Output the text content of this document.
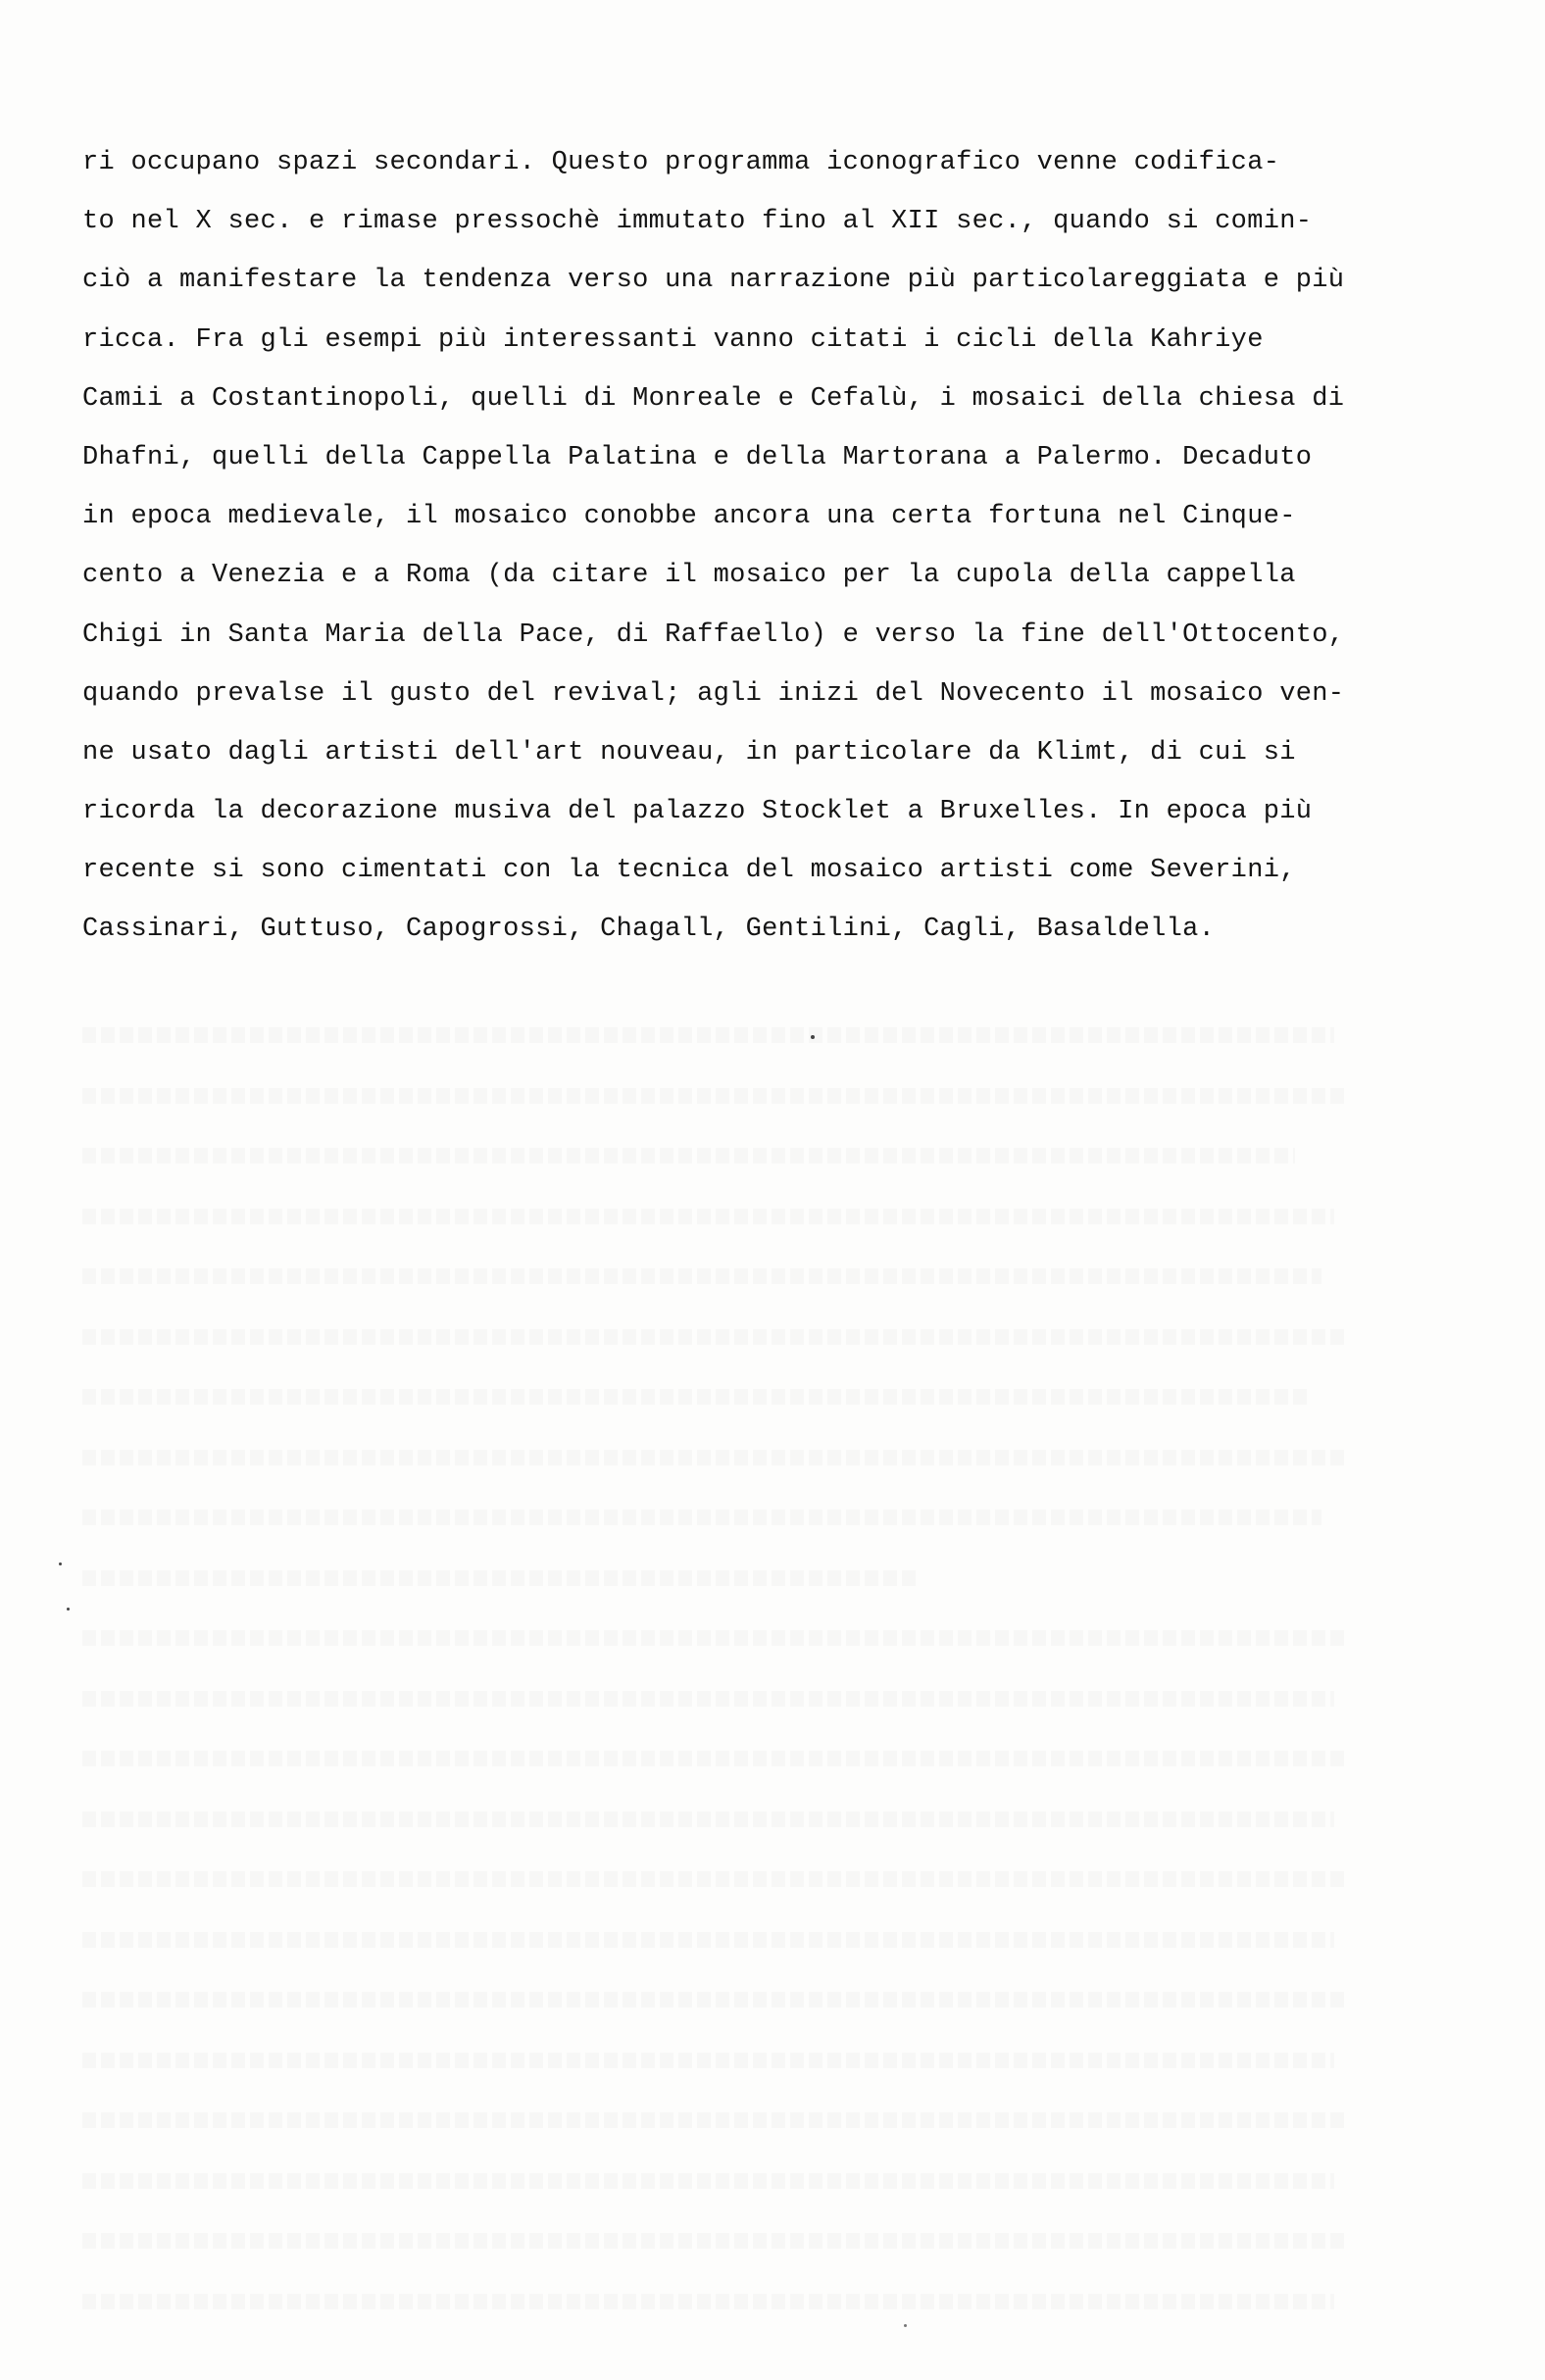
ri occupano spazi secondari. Questo programma iconografico venne codifica-
to nel X sec. e rimase pressochè immutato fino al XII sec., quando si comin-
ciò a manifestare la tendenza verso una narrazione più particolareggiata e più
ricca. Fra gli esempi più interessanti vanno citati i cicli della Kahriye
Camii a Costantinopoli, quelli di Monreale e Cefalù, i mosaici della chiesa di
Dhafni, quelli della Cappella Palatina e della Martorana a Palermo. Decaduto
in epoca medievale, il mosaico conobbe ancora una certa fortuna nel Cinque-
cento a Venezia e a Roma (da citare il mosaico per la cupola della cappella
Chigi in Santa Maria della Pace, di Raffaello) e verso la fine dell'Ottocento,
quando prevalse il gusto del revival; agli inizi del Novecento il mosaico ven-
ne usato dagli artisti dell'art nouveau, in particolare da Klimt, di cui si
ricorda la decorazione musiva del palazzo Stocklet a Bruxelles. In epoca più
recente si sono cimentati con la tecnica del mosaico artisti come Severini,
Cassinari, Guttuso, Capogrossi, Chagall, Gentilini, Cagli, Basaldella.
